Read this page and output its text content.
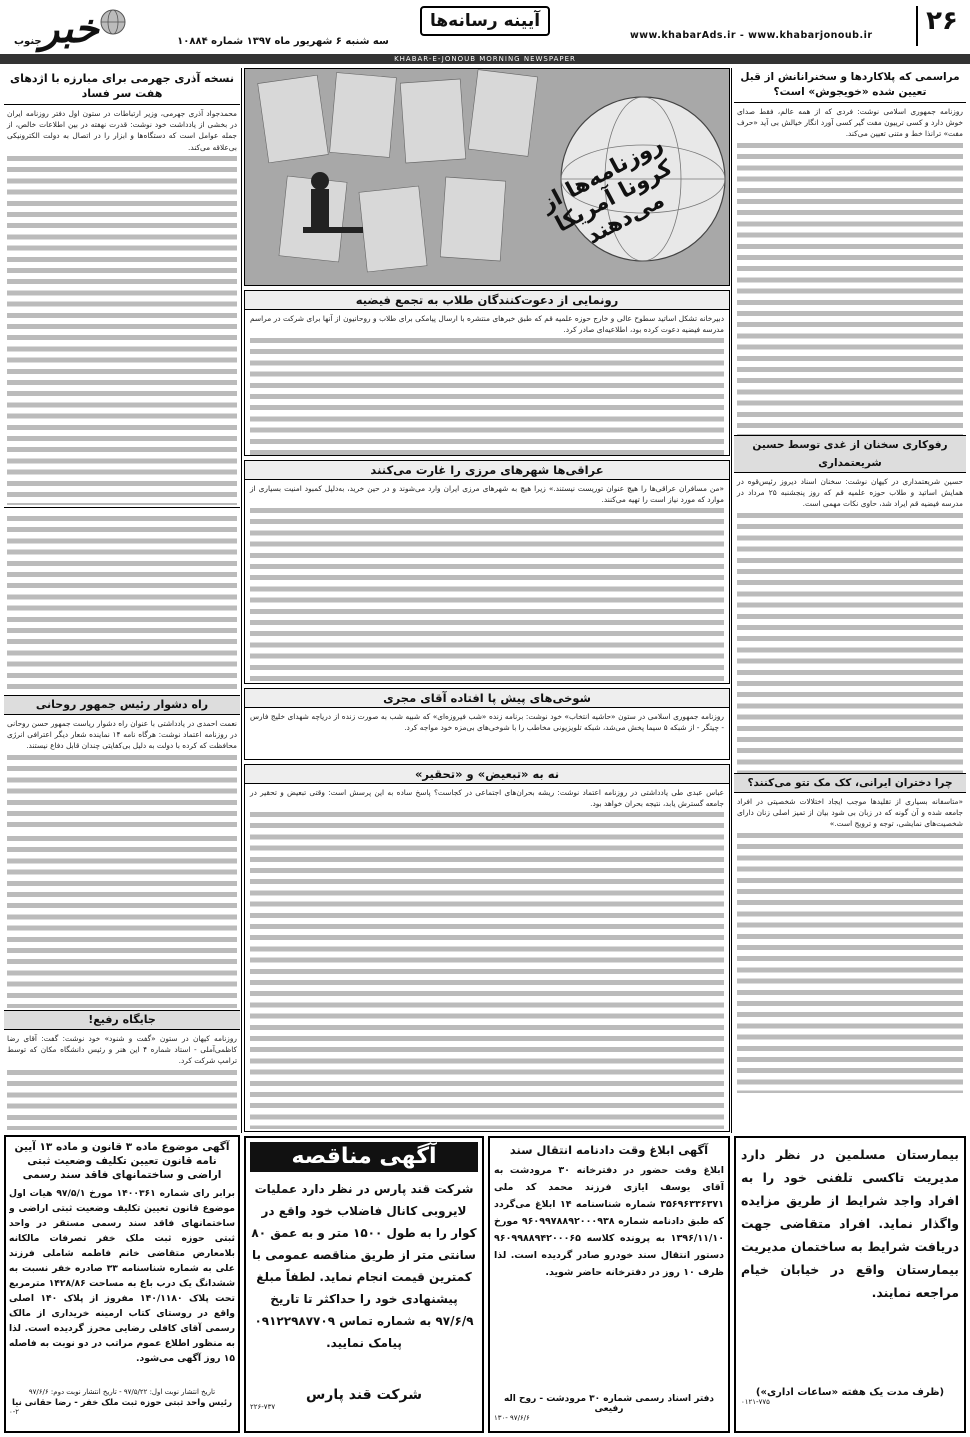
۲۶
www.khabarAds.ir - www.khabarjonoub.ir
آیینه رسانه‌ها
سه شنبه ۶ شهریور ماه ۱۳۹۷ شماره ۱۰۸۸۴
خبر
جنوب
KHABAR-E-JONOUB MORNING NEWSPAPER
نسخه آذری جهرمی برای مبارزه با اژدهای هفت سر فساد
محمدجواد آذری جهرمی، وزیر ارتباطات در ستون اول دفتر روزنامه ایران در بخشی از یادداشت خود نوشت: قدرت نهفته در بین اطلاعات خالص، از جمله عوامل است که دستگاه‌ها و ابزار را در اتصال به دولت الکترونیکی بی‌علاقه می‌کند.
راه دشوار رئیس جمهور روحانی
نعمت احمدی در یادداشتی با عنوان راه دشوار ریاست جمهور حسن روحانی در روزنامه اعتماد نوشت: هرگاه نامه ۱۴ نماینده شعار دیگر اعترافی انرژی محافظت که کرده با دولت به دلیل بی‌کفایتی چندان قابل دفاع نیستند.
جایگاه رفیع!
روزنامه کیهان در ستون «گفت و شنود» خود نوشت: گفت: آقای رضا کاظمی‌آملی - استاد شماره ۴ این هنر و رئیس دانشگاه مکان که توسط ترامپ شرکت کرد.
آگهی موضوع ماده ۳ قانون و ماده ۱۳ آیین نامه قانون تعیین تکلیف وضعیت ثبتی اراضی و ساختمانهای فاقد سند رسمی
برابر رای شماره ۱۴۰۰۳۶۱ مورخ ۹۷/۵/۱ هیات اول موضوع قانون تعیین تکلیف وضعیت ثبتی اراضی و ساختمانهای فاقد سند رسمی مستقر در واحد ثبتی حوزه ثبت ملک خفر تصرفات مالکانه بلامعارض متقاضی خانم فاطمه شاملی فرزند علی به شماره شناسنامه ۳۳ صادره خفر نسبت به ششدانگ یک درب باغ به مساحت ۱۴۲۸/۸۶ مترمربع تحت پلاک ۱۴۰/۱۱۸۰ مفروز از پلاک ۱۴۰ اصلی واقع در روستای کتاب ارمینه خریداری از مالک رسمی آقای کافلی رضایی محرز گردیده است. لذا به منظور اطلاع عموم مراتب در دو نوبت به فاصله ۱۵ روز آگهی می‌شود.
تاریخ انتشار نوبت اول: ۹۷/۵/۲۲ - تاریخ انتشار نوبت دوم: ۹۷/۶/۶
رئیس واحد ثبتی حوزه ثبت ملک خفر - رضا حقانی نیا
۰-۲
روزنامه‌ها از کرونا آمریکا می‌دهند
رونمایی از دعوت‌کنندگان طلاب به تجمع فیضیه
دبیرخانه تشکل اساتید سطوح عالی و خارج حوزه علمیه قم که طبق خبرهای منتشره با ارسال پیامکی برای طلاب و روحانیون از آنها برای شرکت در مراسم مدرسه فیضیه دعوت کرده بود، اطلاعیه‌ای صادر کرد.
عراقی‌ها شهرهای مرزی را غارت می‌کنند
«من مسافران عراقی‌ها را هیچ عنوان توریست نیستند.» زیرا هیچ به شهرهای مرزی ایران وارد می‌شوند و در حین خرید، به‌دلیل کمبود امنیت بسیاری از موارد که مورد نیاز است را تهیه می‌کنند.
شوخی‌های پیش پا افتاده آقای مجری
روزنامه جمهوری اسلامی در ستون «حاشیه انتخاب» خود نوشت: برنامه زنده «شب فیروزه‌ای» که شبیه شب به صورت زنده از دریاچه شهدای خلیج فارس - چیتگر - از شبکه ۵ سیما پخش می‌شد، شبکه تلویزیونی مخاطب را با شوخی‌های بی‌مزه خود مواجه کرد.
نه به «تبعیض» و «تحقیر»
عباس عبدی طی یادداشتی در روزنامه اعتماد نوشت: ریشه بحران‌های اجتماعی در کجاست؟ پاسخ ساده به این پرسش است: وقتی تبعیض و تحقیر در جامعه گسترش یابد، نتیجه بحران خواهد بود.
آگهی مناقصه
شرکت قند پارس در نظر دارد عملیات لایروبی کانال فاضلاب خود واقع در کوار را به طول ۱۵۰۰ متر و به عمق ۸۰ سانتی متر از طریق مناقصه عمومی با کمترین قیمت انجام نماید. لطفاً مبلغ پیشنهادی خود را حداکثر تا تاریخ ۹۷/۶/۹ به شماره تماس ۰۹۱۲۲۹۸۷۷۰۹ پیامک نمایید.
شرکت قند پارس
۲۲۶-۷۳۷
آگهی ابلاغ وقت دادنامه انتقال سند
ابلاغ وقت حضور در دفترخانه ۳۰ مرودشت به آقای یوسف ایازی فرزند محمد کد ملی ۳۵۶۹۶۳۳۶۳۷۱ شماره شناسنامه ۱۴ ابلاغ می‌گردد که طبق دادنامه شماره ۹۶۰۹۹۷۸۸۹۲۰۰۰۹۳۸ مورخ ۱۳۹۶/۱۱/۱۰ به پرونده کلاسه ۹۶۰۹۹۸۸۹۴۲۰۰۰۶۵ دستور انتقال سند خودرو صادر گردیده است. لذا ظرف ۱۰ روز در دفترخانه حاضر شوید.
دفتر اسناد رسمی شماره ۳۰ مرودشت - روح اله رفیعی
۹۷/۶/۶ -۱۳۰
مراسمی که پلاکاردها و سخنرانانش از قبل تعیین شده «خویجوش» است؟
روزنامه جمهوری اسلامی نوشت: فردی که از همه عالم، فقط صدای خوش دارد و کسی ترییون مفت گیر کسی آورد انگار خیالش بی آید «حرف مفت» ترانذا خط و متنی تعیین می‌کند.
رفوکاری سخنان از غدی توسط حسین شریعتمداری
حسین شریعتمداری در کیهان نوشت: سخنان اسناد دیروز رئیس‌قوه در همایش اساتید و طلاب حوزه علمیه قم که روز پنجشنبه ۲۵ مرداد در مدرسه فیضیه قم ایراد شد، حاوی نکات مهمی است.
چرا دختران ایرانی، کک مک تتو می‌کنند؟
«متاسفانه بسیاری از تقلیدها موجب ایجاد اختلالات شخصیتی در افراد جامعه شده و آن گونه که در زبان بی شود بیان از تمیز اصلی زنان دارای شخصیت‌های نمایشی، توجه و ترویج است.»
بیمارستان مسلمین در نظر دارد مدیریت تاکسی تلفنی خود را به افراد واجد شرایط از طریق مزایده واگذار نماید. افراد متقاضی جهت دریافت شرایط به ساختمان مدیریت بیمارستان واقع در خیابان خیام مراجعه نمایند.
(ظرف مدت یک هفته «ساعات اداری»)
۰۱۲۱-۷۷۵
